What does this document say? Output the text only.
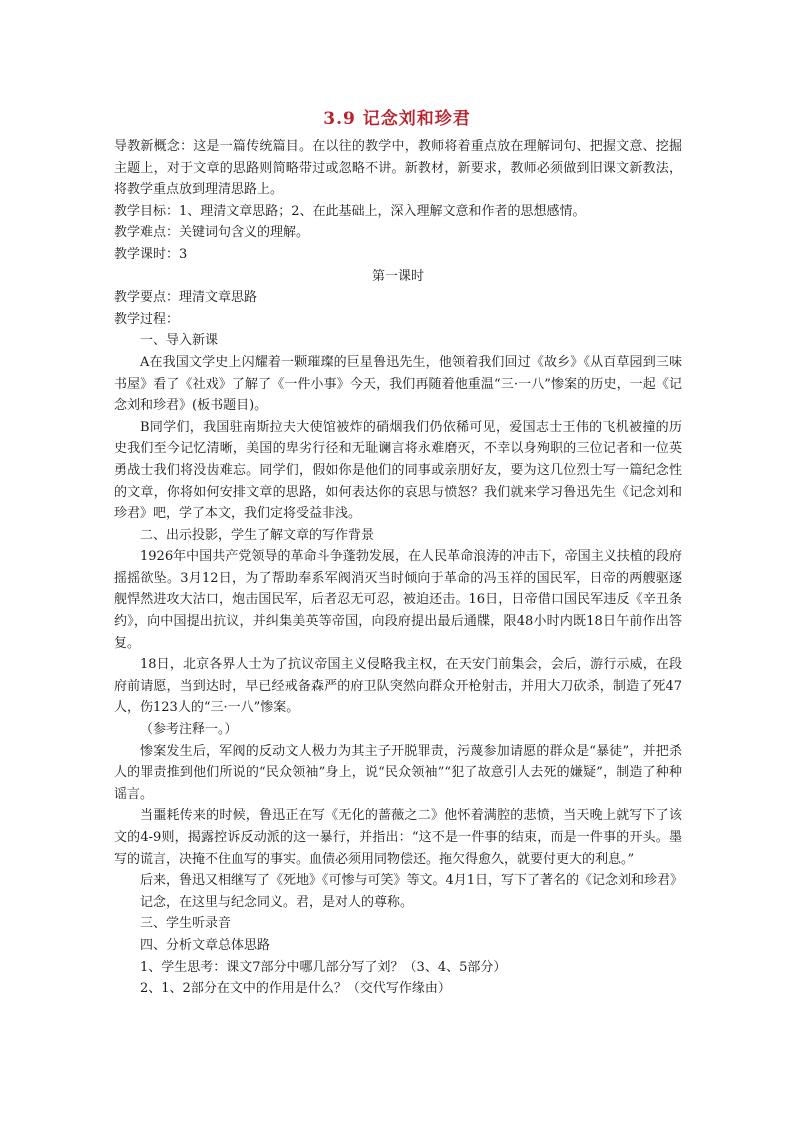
3.9 记念刘和珍君

导教新概念：这是一篇传统篇目。在以往的教学中，教师将着重点放在理解词句、把握文意、挖掘主题上，对于文章的思路则简略带过或忽略不讲。新教材，新要求，教师必须做到旧课文新教法，将教学重点放到理清思路上。

教学目标：1、理清文章思路；2、在此基础上，深入理解文意和作者的思想感情。

教学难点：关键词句含义的理解。

教学课时：3

第一课时

教学要点：理清文章思路

教学过程：

一、导入新课

A在我国文学史上闪耀着一颗璀璨的巨星鲁迅先生，他领着我们回过《故乡》《从百草园到三味书屋》看了《社戏》了解了《一件小事》今天，我们再随着他重温“三·一八”惨案的历史，一起《记念刘和珍君》(板书题目)。

B同学们，我国驻南斯拉夫大使馆被炸的硝烟我们仍依稀可见，爱国志士王伟的飞机被撞的历史我们至今记忆清晰，美国的卑劣行径和无耻谰言将永难磨灭，不幸以身殉职的三位记者和一位英勇战士我们将没齿难忘。同学们，假如你是他们的同事或亲朋好友，要为这几位烈士写一篇纪念性的文章，你将如何安排文章的思路，如何表达你的哀思与愤怒？我们就来学习鲁迅先生《记念刘和珍君》吧，学了本文，我们定将受益非浅。

二、出示投影，学生了解文章的写作背景

1926年中国共产党领导的革命斗争蓬勃发展，在人民革命浪涛的冲击下，帝国主义扶植的段府摇摇欲坠。3月12日，为了帮助奉系军阀消灭当时倾向于革命的冯玉祥的国民军，日帝的两艘驱逐舰悍然进攻大沽口，炮击国民军，后者忍无可忍，被迫还击。16日，日帝借口国民军违反《辛丑条约》，向中国提出抗议，并纠集美英等帝国，向段府提出最后通牒，限48小时内既18日午前作出答复。

18日，北京各界人士为了抗议帝国主义侵略我主权，在天安门前集会，会后，游行示威，在段府前请愿，当到达时，早已经戒备森严的府卫队突然向群众开枪射击，并用大刀砍杀，制造了死47人，伤123人的“三·一八”惨案。

（参考注释一。）

惨案发生后，军阀的反动文人极力为其主子开脱罪责，污蔑参加请愿的群众是“暴徒”，并把杀人的罪责推到他们所说的“民众领袖”身上，说“民众领袖”“犯了故意引人去死的嫌疑”，制造了种种谣言。

当噩耗传来的时候，鲁迅正在写《无化的蔷薇之二》他怀着满腔的悲愤，当天晚上就写下了该文的4-9则，揭露控诉反动派的这一暴行，并指出：“这不是一件事的结束，而是一件事的开头。墨写的谎言，决掩不住血写的事实。血债必须用同物偿还。拖欠得愈久，就要付更大的利息。”

后来，鲁迅又相继写了《死地》《可惨与可笑》等文。4月1日，写下了著名的《记念刘和珍君》

记念，在这里与纪念同义。君，是对人的尊称。

三、学生听录音

四、分析文章总体思路

1、学生思考：课文7部分中哪几部分写了刘？（3、4、5部分）

2、1、2部分在文中的作用是什么？（交代写作缘由）
